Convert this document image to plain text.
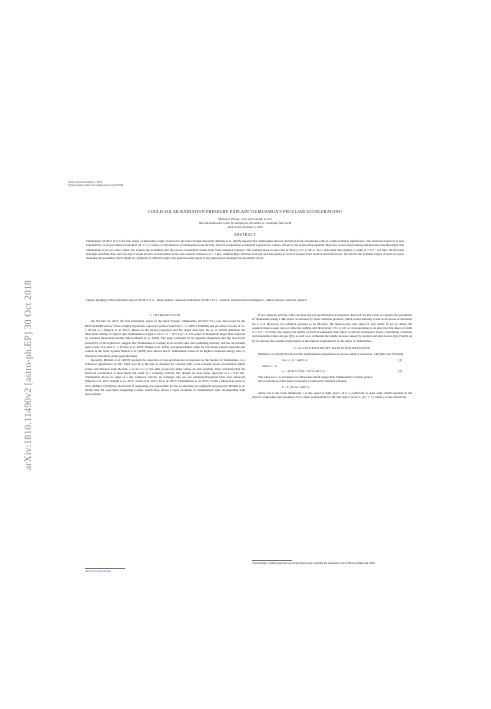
Draft version November 1, 2018
Typeset using LaTeX twocolumn style in AASTeX62
arXiv:1810.11490v2 [astro-ph.EP] 30 Oct 2018
COULD SOLAR RADIATION PRESSURE EXPLAIN 'OUMUAMUA'S PECULIAR ACCELERATION?
Shmuel Bialy and Abraham Loeb
Harvard-Smithsonian Center for Astrophysics, 60 Garden st., Cambridge, MA, 02138
Draft version November 1, 2018
ABSTRACT
'Oumuamua (1I/2017 U1) is the first object of interstellar origin observed in the Solar System. Recently, Micheli et al. (2018) reported that 'Oumuamua showed deviations from a Keplerian orbit at a high statistical significance. The observed trajectory is best explained by an excess radial acceleration Δa ∝ r^-2, where r is the distance of 'Oumuamua from the Sun. Such an acceleration is naturally expected for comets, driven by the evaporating material. However, recent observational and theoretical studies imply that 'Oumuamua is not an active comet. We explore the possibility that the excess acceleration results from Solar radiation pressure. The required mass-to-area ratio is (m/A) ≈ 0.1 g cm^-2. For a thin sheet this requires a width of ≈ 0.3 − 0.9 mm. We find that although extremely thin, such an object would survive an interstellar travel over Galactic distances of ~ 5 kpc, withstanding collisions with gas and dust-grains as well as stresses from rotation and tidal forces. We discuss the possible origins of such an object including the possibility that it might be a lightsail of artificial origin. Our general results apply to any light probes designed for interstellar travel.
Subject headings: ISM: individual objects (1I/2017 U1) – minor planets, asteroids: individual (1I/2017 U1) – General: extraterrestrial intelligence – Minor planets, asteroids: general
1. INTRODUCTION

On October 19, 2017, the first interstellar object in the Solar System, 'Oumuamua (1I/2017 U1), was discovered by the PAN-STARRS survey. It has a highly hyperbolic trajectory (with eccentricity e = 1.1956 ± 0.00006) and pre-entry velocity of v∞ ≈ 26 km s^-1 (Meech et al. 2017). Based on the survey properties and the single detection, Do et al. (2018) estimated the interstellar density of objects like 'Oumuamua is larger to be n ≈ 2 × 10^15 pc^-3, 2-8 orders of magnitude larger than expected by previous theoretical models (Moro-Martín et al. 2009). The large variations in its apparent magnitude and the non-trivial periodicity of the lightcurve, suggest that 'Oumuamua is rotating in an excited spin state (tumbling motion), and has an extreme aspect ratio of at least 5 : 1 (Fraser et al. 2018; Drahus et al. 2018), an unprecedented value for previously known asteroids and comets in the Solar System. Belton et al. (2018) have shown that if 'Oumuamua rotates in its highest rotational energy state, it should be extremely oblate (pancake-like).

Recently, Micheli et al. (2018) reported the detection of non-gravitational acceleration in the motion of 'Oumuamua, at a statistical significance of 30σ. Their best fit to the data is obtained for a model with a non-constant excess acceleration which scales with distance from the Sun, r, as Δa ∝ r^-2, but other power-law index values are also possible. They concluded that the observed acceleration is most likely the result of a cometary activity. Yet, despite its close Solar approach of r = 0.25 AU, 'Oumuamua shows no signs of a any cometary activity, no cometary tail, nor gas emission/absorption lines were observed (Meech et al. 2017; Knight et al. 2017; Jewitt et al. 2017; Ye et al. 2017; Fitzsimmons et al. 2017). From a theoretical point of view, Rafikov (2018) has shown that if outgassing was responsible for the acceleration (as originally proposed by Micheli et al. 2018), then the associated outgassing torques would have driven a rapid evolution in 'Oumuamua's spin, incompatible with observations.

sbialy@cfa.harvard.edu

If not cometary activity, what can drive the non-gravitational acceleration observed? In this Letter we explore the possibility of 'Oumuamua being a thin object accelerated by Solar radiation pressure, which would naturally result in an excess acceleration Δa ∝ r^-2. However, for radiation pressure to be effective, the mass-to-area ratio must be very small. In §2 we derive the required mass-to-area ratio (or effective width), and find (m/A) ≈ 0.1 g cm^-2, corresponding to an effective thin sheet of width w ≈ 0.3 − 0.9 mm. We explore the ability of such an unusually thin object to survive interstellar travel, considering collisions with interstellar dust and gas (§3), as well as to withstand the tensile stresses caused by rotation and tidal forces (§4). Finally, in §5 we discuss the possible implications of the unusual requirements on the shape of 'Oumuamua.

2. ACCELERATION BY RADIATION PRESSURE

Micheli et al. (2018) had shown that 'Oumuamua's experiences an excess radial acceleration, with their best fit model

Δa = a₁ (r / 1AU)^-2	(1)
with α = −2,
a₁ = (4.92 ± 0.16) × 10^-4 cm s^-2 .	(2)

The value for a₁ is averaged over timescales much longer than 'Oumuamua's rotation period.

An acceleration of this form is naturally produced by radiation pressure,

F = C_R L⊙ / (4πr²c) ,

where L⊙ is the Solar luminosity, c is the speed of light, and C_R is a coefficient of order unity which depends on the object's composition and geometry. For a sheet perpendicular to the Sun-object vector C_R = 1 + ε where ε is the reflectivity.

¹ Interestingly, a similar approach was adopted historically regarding the anomalous orbit of Phobos (Shklovskii 1962).
